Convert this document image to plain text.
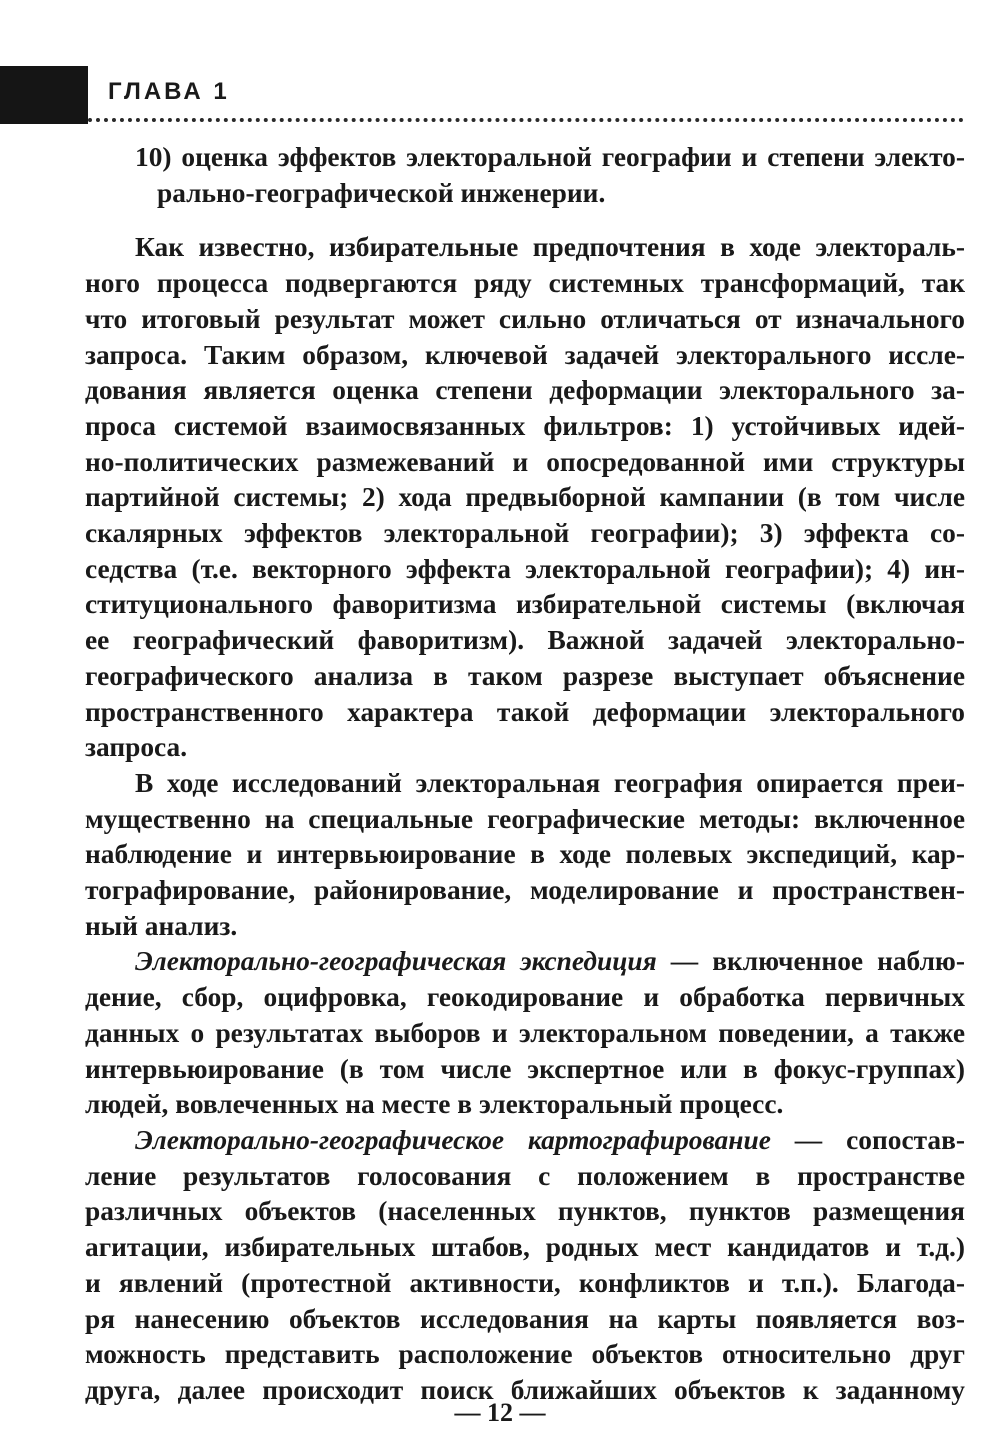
ГЛАВА 1
10) оценка эффектов электоральной географии и степени электо-
рально-географической инженерии.
Как известно, избирательные предпочтения в ходе электораль-
ного процесса подвергаются ряду системных трансформаций, так
что итоговый результат может сильно отличаться от изначального
запроса. Таким образом, ключевой задачей электорального иссле-
дования является оценка степени деформации электорального за-
проса системой взаимосвязанных фильтров: 1) устойчивых идей-
но-политических размежеваний и опосредованной ими структуры
партийной системы; 2) хода предвыборной кампании (в том числе
скалярных эффектов электоральной географии); 3) эффекта со-
седства (т.е. векторного эффекта электоральной географии); 4) ин-
ституционального фаворитизма избирательной системы (включая
ее географический фаворитизм). Важной задачей электорально-
географического анализа в таком разрезе выступает объяснение
пространственного характера такой деформации электорального
запроса.
В ходе исследований электоральная география опирается преи-
мущественно на специальные географические методы: включенное
наблюдение и интервьюирование в ходе полевых экспедиций, кар-
тографирование, районирование, моделирование и пространствен-
ный анализ.
Электорально-географическая экспедиция — включенное наблю-
дение, сбор, оцифровка, геокодирование и обработка первичных
данных о результатах выборов и электоральном поведении, а также
интервьюирование (в том числе экспертное или в фокус-группах)
людей, вовлеченных на месте в электоральный процесс.
Электорально-географическое картографирование — сопостав-
ление результатов голосования с положением в пространстве
различных объектов (населенных пунктов, пунктов размещения
агитации, избирательных штабов, родных мест кандидатов и т.д.)
и явлений (протестной активности, конфликтов и т.п.). Благода-
ря нанесению объектов исследования на карты появляется воз-
можность представить расположение объектов относительно друг
друга, далее происходит поиск ближайших объектов к заданному
— 12 —
